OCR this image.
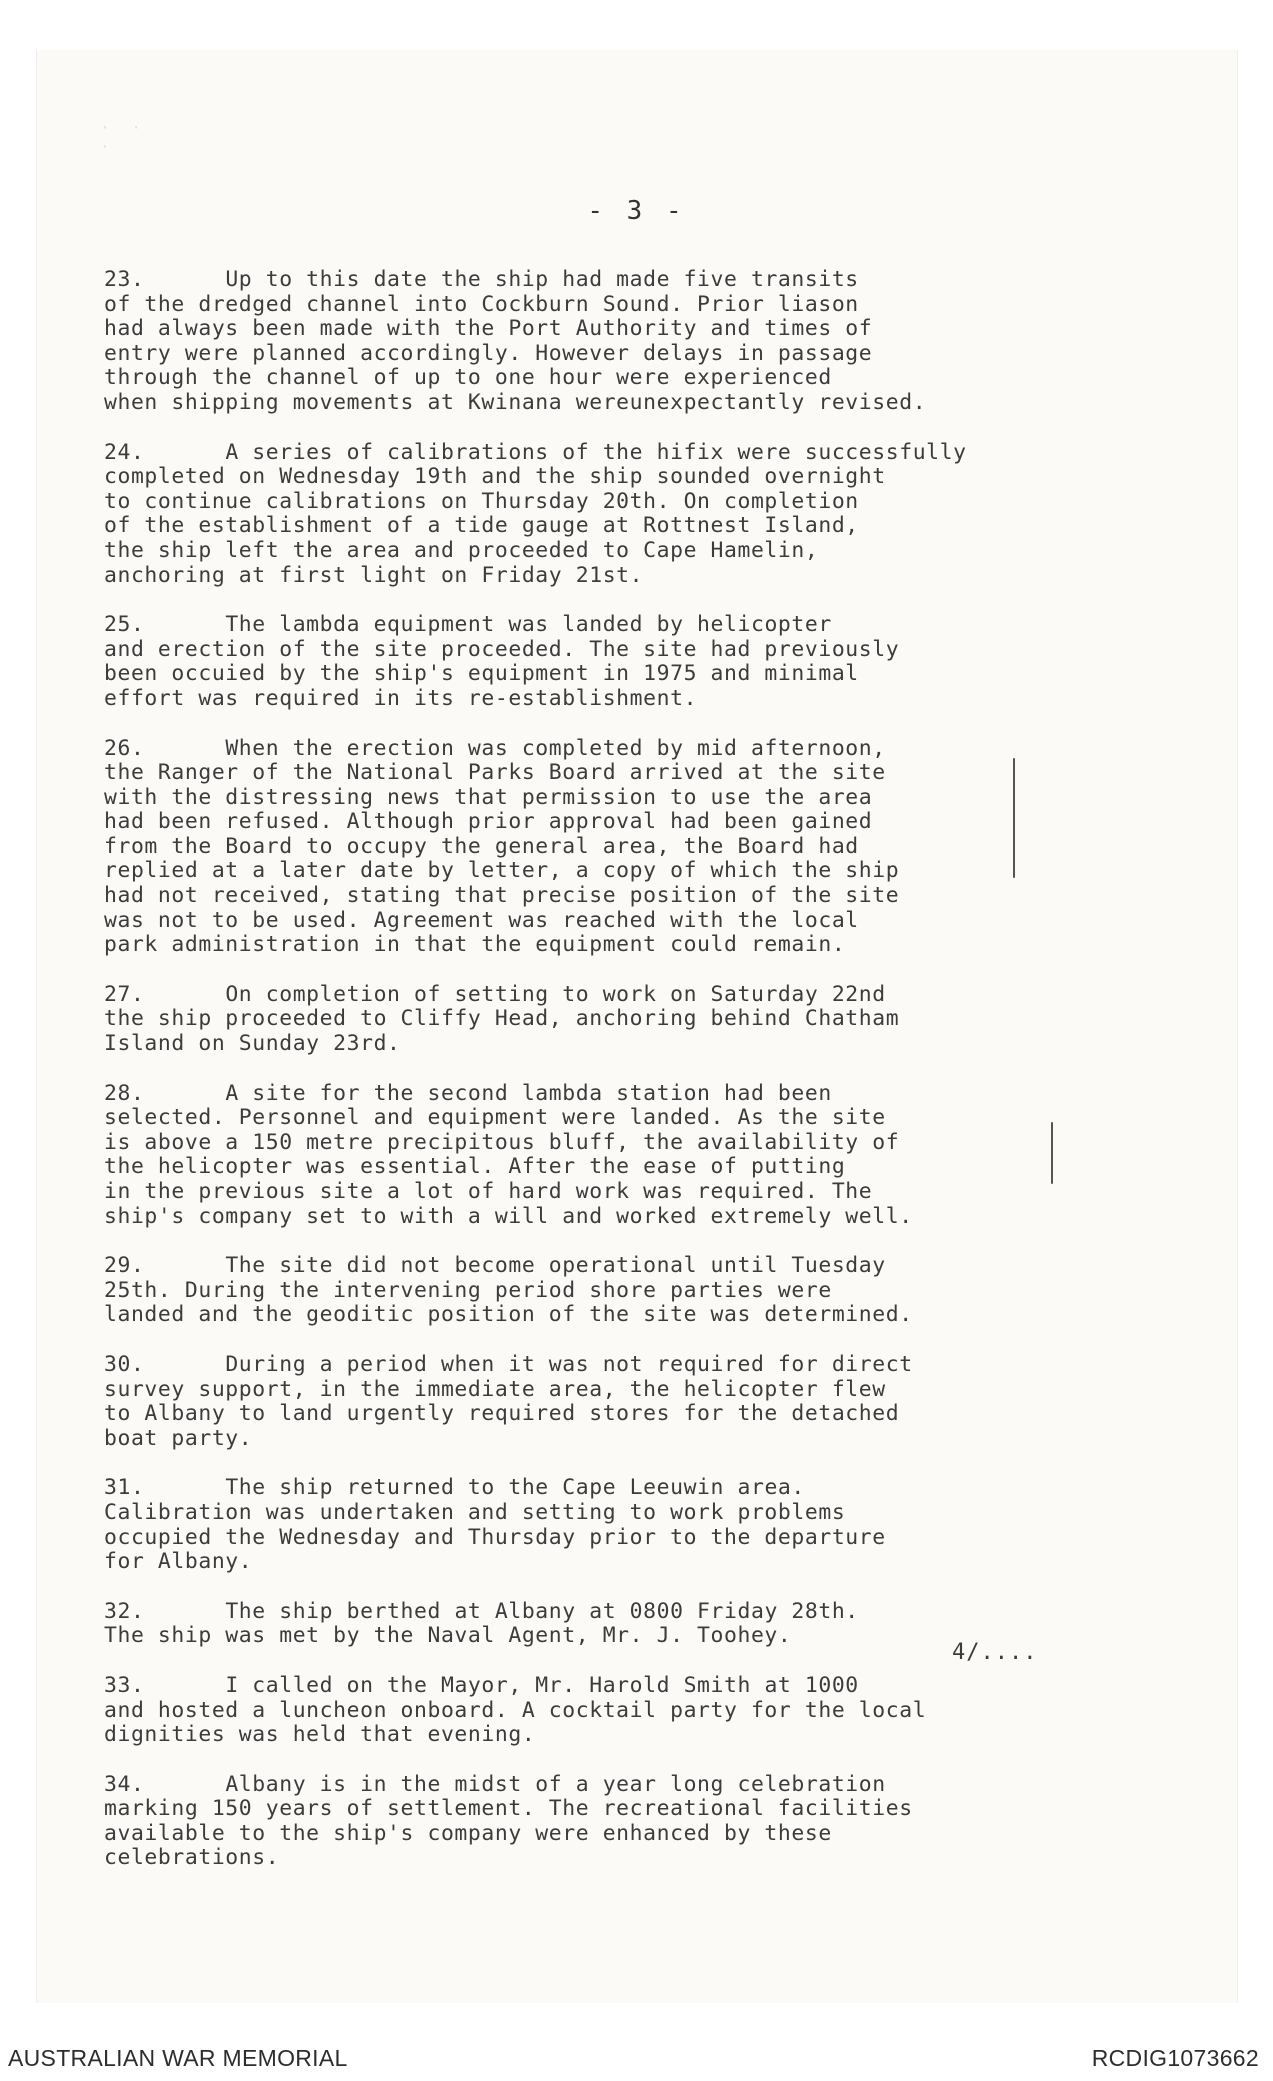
· · ·
- 3 -
23.	Up to this date the ship had made five transits
of the dredged channel into Cockburn Sound. Prior liason
had always been made with the Port Authority and times of
entry were planned accordingly. However delays in passage
through the channel of up to one hour were experienced
when shipping movements at Kwinana wereunexpectantly revised.
24.	A series of calibrations of the hifix were successfully
completed on Wednesday 19th and the ship sounded overnight
to continue calibrations on Thursday 20th. On completion
of the establishment of a tide gauge at Rottnest Island,
the ship left the area and proceeded to Cape Hamelin,
anchoring at first light on Friday 21st.
25.	The lambda equipment was landed by helicopter
and erection of the site proceeded. The site had previously
been occuied by the ship's equipment in 1975 and minimal
effort was required in its re-establishment.
26.	When the erection was completed by mid afternoon,
the Ranger of the National Parks Board arrived at the site
with the distressing news that permission to use the area
had been refused. Although prior approval had been gained
from the Board to occupy the general area, the Board had
replied at a later date by letter, a copy of which the ship
had not received, stating that precise position of the site
was not to be used. Agreement was reached with the local
park administration in that the equipment could remain.
27.	On completion of setting to work on Saturday 22nd
the ship proceeded to Cliffy Head, anchoring behind Chatham
Island on Sunday 23rd.
28.	A site for the second lambda station had been
selected. Personnel and equipment were landed. As the site
is above a 150 metre precipitous bluff, the availability of
the helicopter was essential. After the ease of putting
in the previous site a lot of hard work was required. The
ship's company set to with a will and worked extremely well.
29.	The site did not become operational until Tuesday
25th. During the intervening period shore parties were
landed and the geoditic position of the site was determined.
30.	During a period when it was not required for direct
survey support, in the immediate area, the helicopter flew
to Albany to land urgently required stores for the detached
boat party.
31.	The ship returned to the Cape Leeuwin area.
Calibration was undertaken and setting to work problems
occupied the Wednesday and Thursday prior to the departure
for Albany.
32.	The ship berthed at Albany at 0800 Friday 28th.
The ship was met by the Naval Agent, Mr. J. Toohey.
33.	I called on the Mayor, Mr. Harold Smith at 1000
and hosted a luncheon onboard. A cocktail party for the local
dignities was held that evening.
34.	Albany is in the midst of a year long celebration
marking 150 years of settlement. The recreational facilities
available to the ship's company were enhanced by these
celebrations.
4/....
AUSTRALIAN WAR MEMORIAL	RCDIG1073662
